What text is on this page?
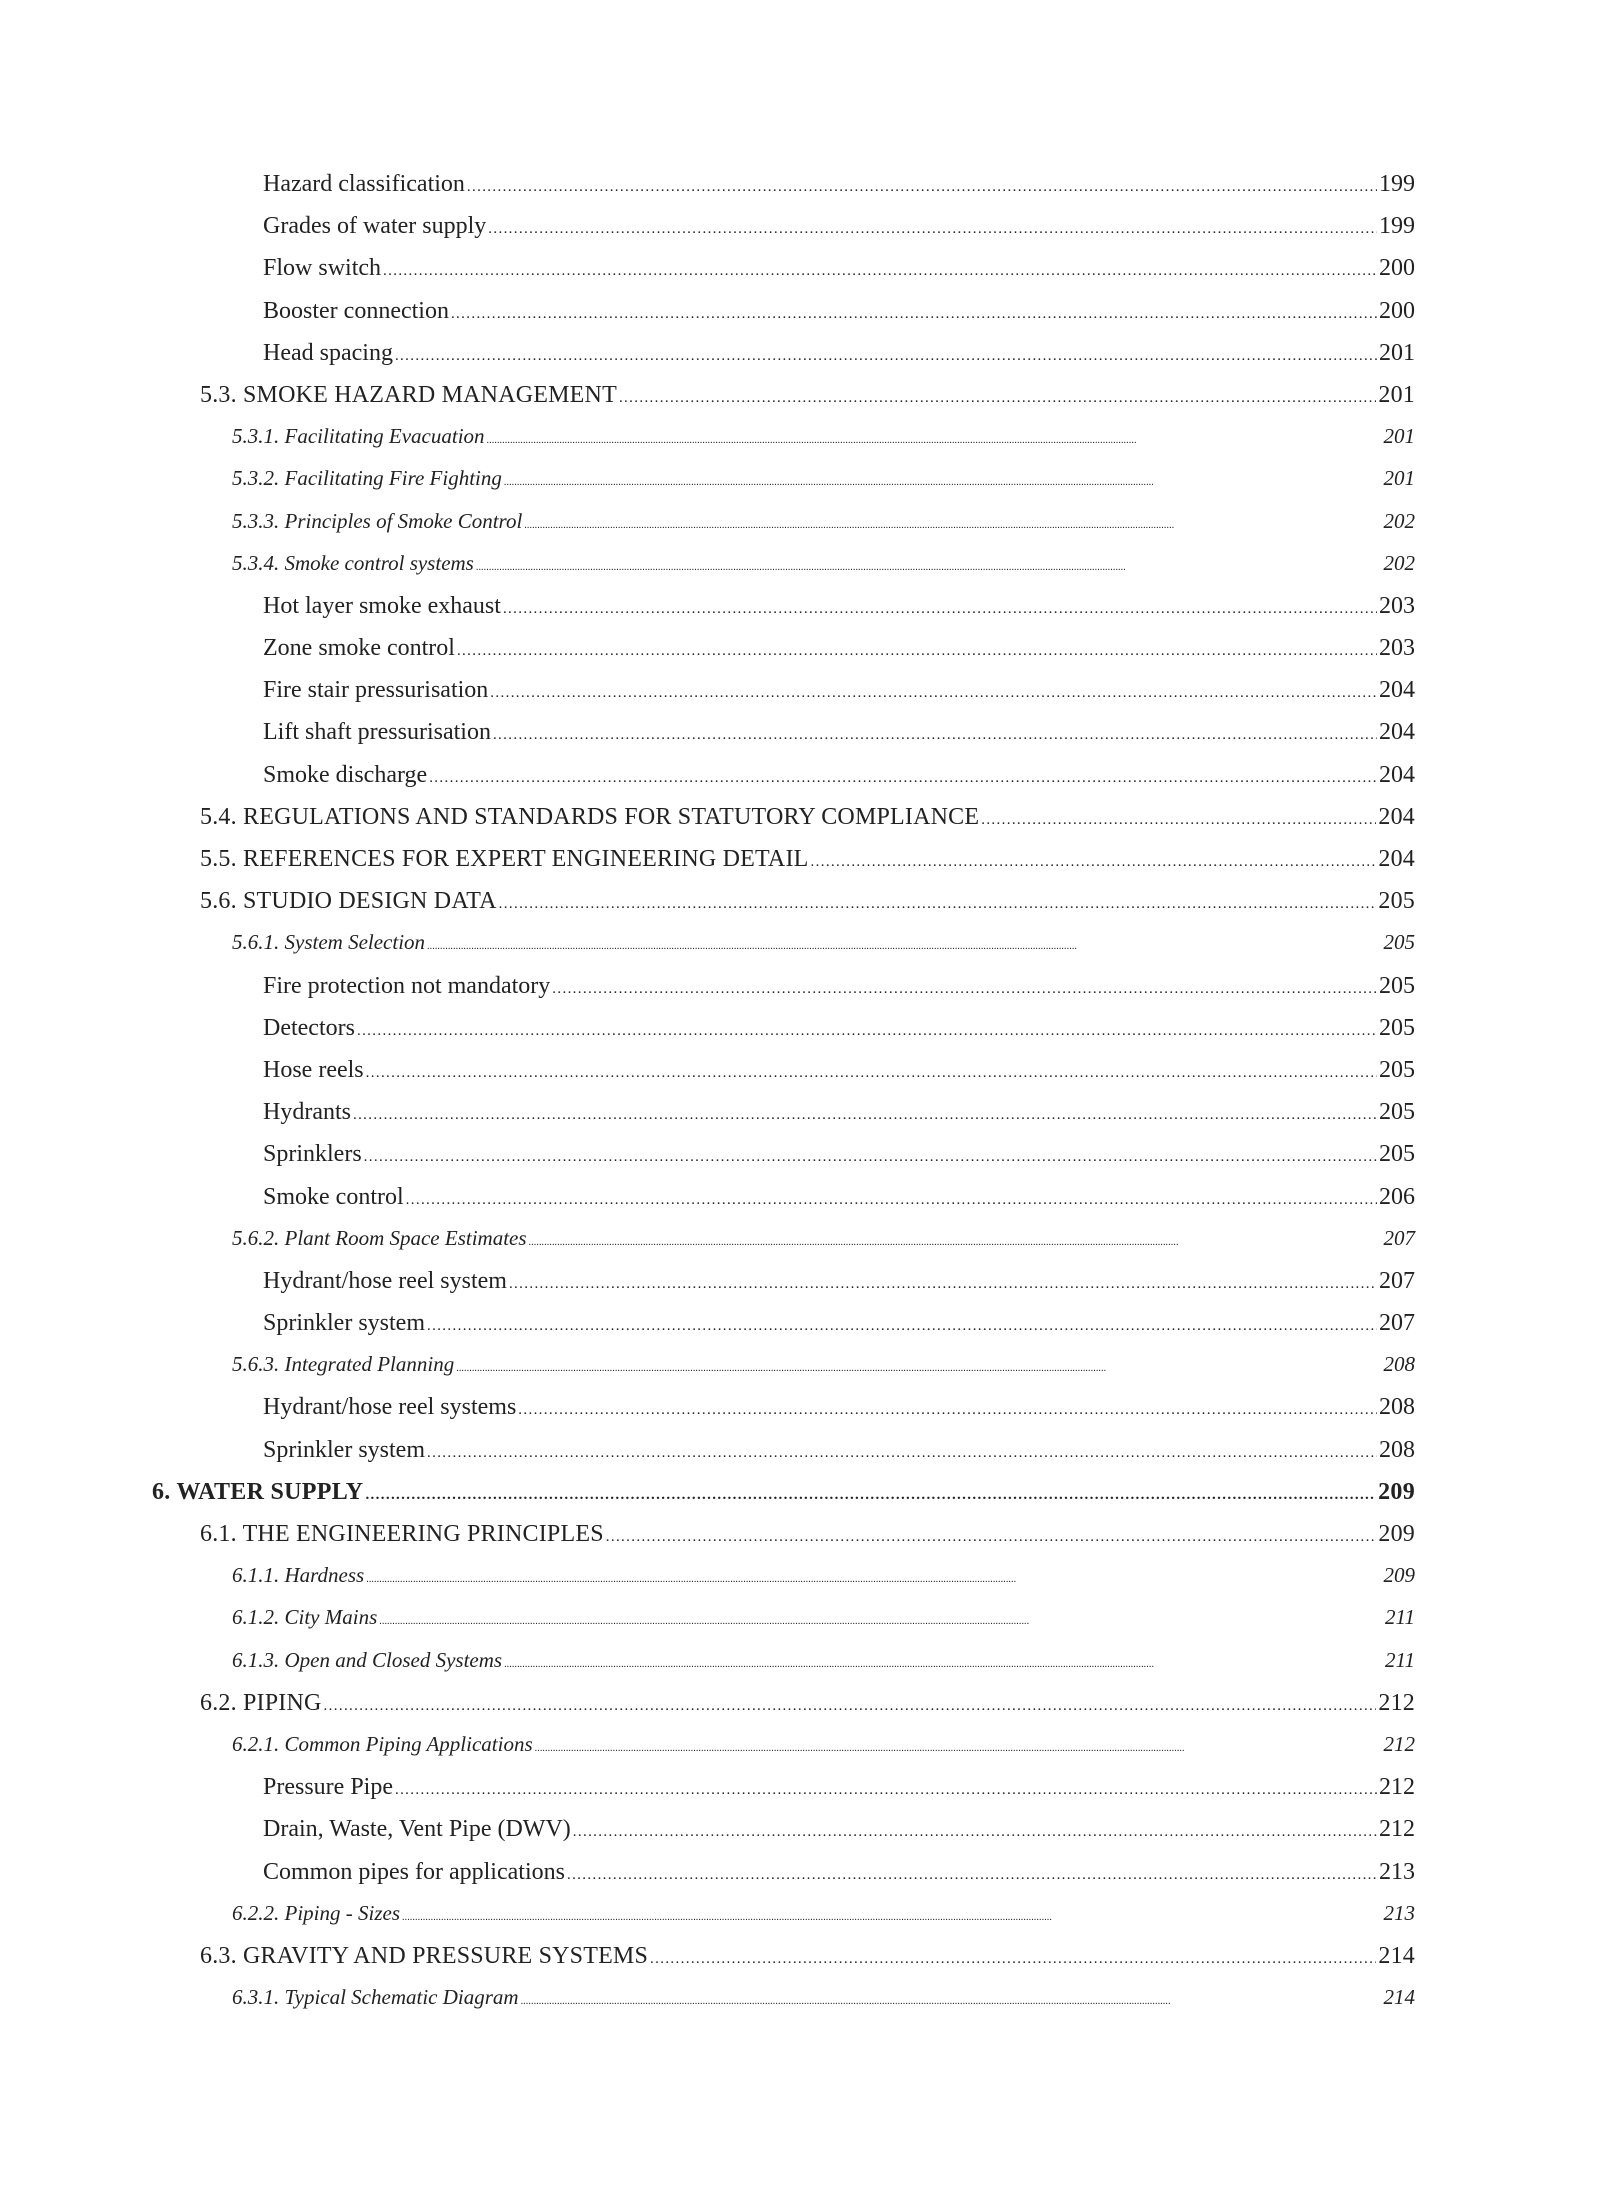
Hazard classification . . .	199
Grades of water supply . . .	199
Flow switch . . .	200
Booster connection . . .	200
Head spacing . . .	201
5.3. SMOKE HAZARD MANAGEMENT . . .	201
5.3.1. Facilitating Evacuation . . .	201
5.3.2. Facilitating Fire Fighting . . .	201
5.3.3. Principles of Smoke Control . . .	202
5.3.4. Smoke control systems . . .	202
Hot layer smoke exhaust . . .	203
Zone smoke control . . .	203
Fire stair pressurisation . . .	204
Lift shaft pressurisation . . .	204
Smoke discharge . . .	204
5.4. REGULATIONS AND STANDARDS FOR STATUTORY COMPLIANCE . . .	204
5.5. REFERENCES FOR EXPERT ENGINEERING DETAIL . . .	204
5.6. STUDIO DESIGN DATA . . .	205
5.6.1. System Selection . . .	205
Fire protection not mandatory . . .	205
Detectors . . .	205
Hose reels . . .	205
Hydrants . . .	205
Sprinklers . . .	205
Smoke control . . .	206
5.6.2. Plant Room Space Estimates . . .	207
Hydrant/hose reel system . . .	207
Sprinkler system . . .	207
5.6.3. Integrated Planning . . .	208
Hydrant/hose reel systems . . .	208
Sprinkler system . . .	208
6. WATER SUPPLY . . .	209
6.1. THE ENGINEERING PRINCIPLES . . .	209
6.1.1. Hardness . . .	209
6.1.2. City Mains . . .	211
6.1.3. Open and Closed Systems . . .	211
6.2. PIPING . . .	212
6.2.1. Common Piping Applications . . .	212
Pressure Pipe . . .	212
Drain, Waste, Vent Pipe (DWV) . . .	212
Common pipes for applications . . .	213
6.2.2. Piping - Sizes . . .	213
6.3. GRAVITY AND PRESSURE SYSTEMS . . .	214
6.3.1. Typical Schematic Diagram . . .	214
